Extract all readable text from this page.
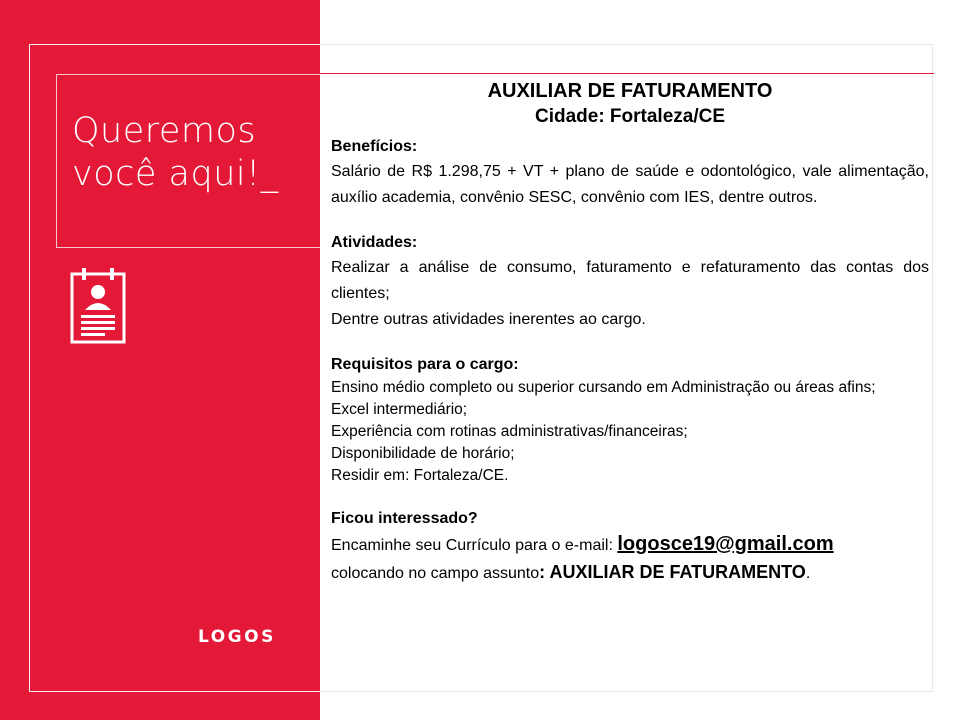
Queremos
você aqui!_

LOGOS

AUXILIAR DE FATURAMENTO

Cidade: Fortaleza/CE

Benefícios:

Salário de R$ 1.298,75 + VT + plano de saúde e odontológico, vale alimentação, auxílio academia, convênio SESC, convênio com IES, dentre outros.

Atividades:

Realizar a análise de consumo, faturamento e refaturamento das contas dos clientes;

Dentre outras atividades inerentes ao cargo.

Requisitos para o cargo:

Ensino médio completo ou superior cursando em Administração ou áreas afins;

Excel intermediário;

Experiência com rotinas administrativas/financeiras;

Disponibilidade de horário;

Residir em: Fortaleza/CE.

Ficou interessado?

Encaminhe seu Currículo para o e-mail: logosce19@gmail.com

colocando no campo assunto: AUXILIAR DE FATURAMENTO.
